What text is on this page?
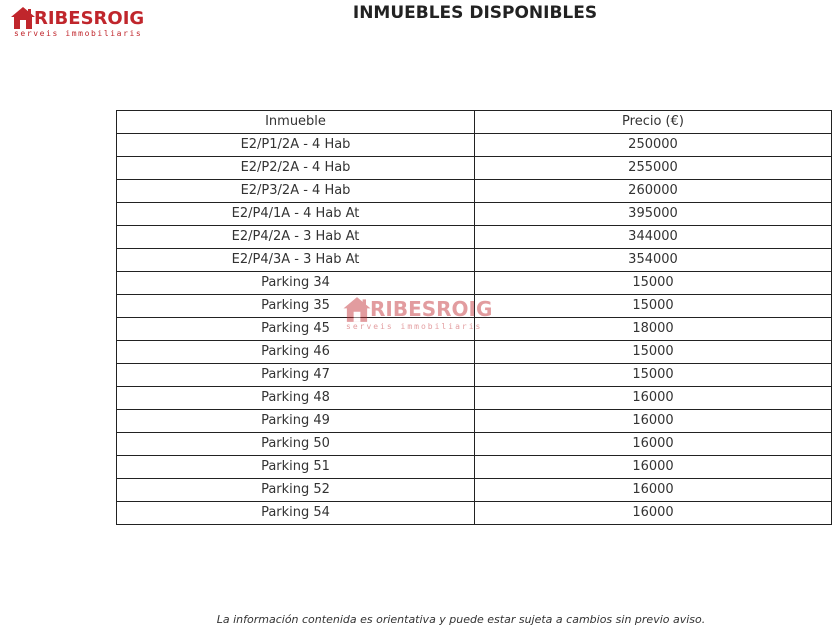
RIBESROIG
serveis immobiliaris
INMUEBLES DISPONIBLES
Inmueble	Precio (€)
E2/P1/2A - 4 Hab	250000
E2/P2/2A - 4 Hab	255000
E2/P3/2A - 4 Hab	260000
E2/P4/1A - 4 Hab At	395000
E2/P4/2A - 3 Hab At	344000
E2/P4/3A - 3 Hab At	354000
Parking 34	15000
Parking 35	15000
Parking 45	18000
Parking 46	15000
Parking 47	15000
Parking 48	16000
Parking 49	16000
Parking 50	16000
Parking 51	16000
Parking 52	16000
Parking 54	16000
RIBESROIG
serveis immobiliaris

La información contenida es orientativa y puede estar sujeta a cambios sin previo aviso.
